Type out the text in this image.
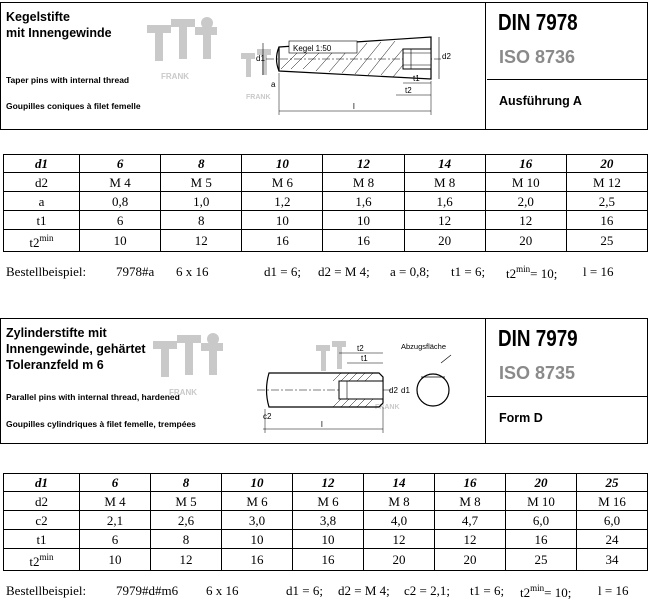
Kegelstifte
mit Innengewinde
Taper pins with internal thread
Goupilles coniques à filet femelle
DIN 7978
ISO 8736
Ausführung A
FRANK
FRANK
Kegel 1:50
d1	d2
a
t1
t2
l
d1	6	8	10	12	14	16	20
d2	M 4	M 5	M 6	M 8	M 8	M 10	M 12
a	0,8	1,0	1,2	1,6	1,6	2,0	2,5
t1	6	8	10	10	12	12	16
$t2^{min}$	10	12	16	16	20	20	25
Bestellbeispiel: 7978#a 6 x 16	d1 = 6; d2 = M 4; a = 0,8; t1 = 6; $t2^{min}= 10$; l = 16
Zylinderstifte mit
Innengewinde, gehärtet
Toleranzfeld m 6
Parallel pins with internal thread, hardened
Goupilles cylindriques à filet femelle, trempées
DIN 7979
ISO 8735
Form D
FRANK
FRANK
Abzugsfläche
t2
t1
d2 d1
c2
l
d1	6	8	10	12	14	16	20	25
d2	M 4	M 5	M 6	M 6	M 8	M 8	M 10	M 16
c2	2,1	2,6	3,0	3,8	4,0	4,7	6,0	6,0
t1	6	8	10	10	12	12	16	24
$t2^{min}$	10	12	16	16	20	20	25	34
Bestellbeispiel: 7979#d#m6 6 x 16	d1 = 6; d2 = M 4; c2 = 2,1; t1 = 6; $t2^{min}= 10$; l = 16
